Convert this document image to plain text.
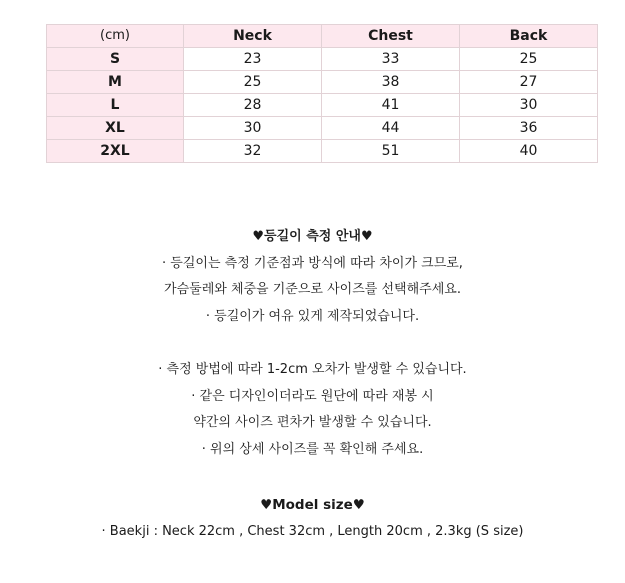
(cm)	Neck	Chest	Back
S	23	33	25
M	25	38	27
L	28	41	30
XL	30	44	36
2XL	32	51	40
♥등길이 측정 안내♥
· 등길이는 측정 기준점과 방식에 따라 차이가 크므로,
가슴둘레와 체중을 기준으로 사이즈를 선택해주세요.
· 등길이가 여유 있게 제작되었습니다.
· 측정 방법에 따라 1-2cm 오차가 발생할 수 있습니다.
· 같은 디자인이더라도 원단에 따라 재봉 시
약간의 사이즈 편차가 발생할 수 있습니다.
· 위의 상세 사이즈를 꼭 확인해 주세요.
♥Model size♥
· Baekji : Neck 22cm , Chest 32cm , Length 20cm , 2.3kg (S size)
